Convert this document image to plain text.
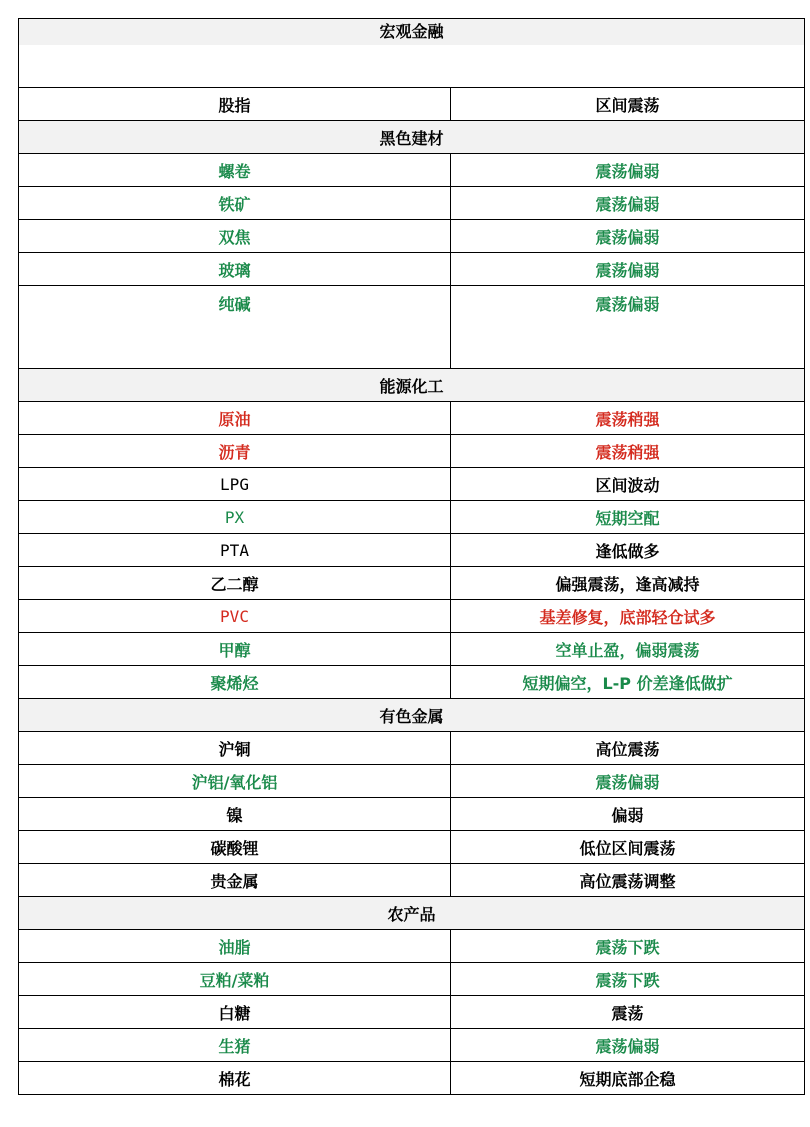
宏观金融	

股指	区间震荡
黑色建材	
螺卷	震荡偏弱
铁矿	震荡偏弱
双焦	震荡偏弱
玻璃	震荡偏弱
纯碱	震荡偏弱
能源化工	
原油	震荡稍强
沥青	震荡稍强
LPG	区间波动
PX	短期空配
PTA	逢低做多
乙二醇	偏强震荡，逢高减持
PVC	基差修复，底部轻仓试多
甲醇	空单止盈，偏弱震荡
聚烯烃	短期偏空，L-P 价差逢低做扩
有色金属	
沪铜	高位震荡
沪铝/氧化铝	震荡偏弱
镍	偏弱
碳酸锂	低位区间震荡
贵金属	高位震荡调整
农产品	
油脂	震荡下跌
豆粕/菜粕	震荡下跌
白糖	震荡
生猪	震荡偏弱
棉花	短期底部企稳
